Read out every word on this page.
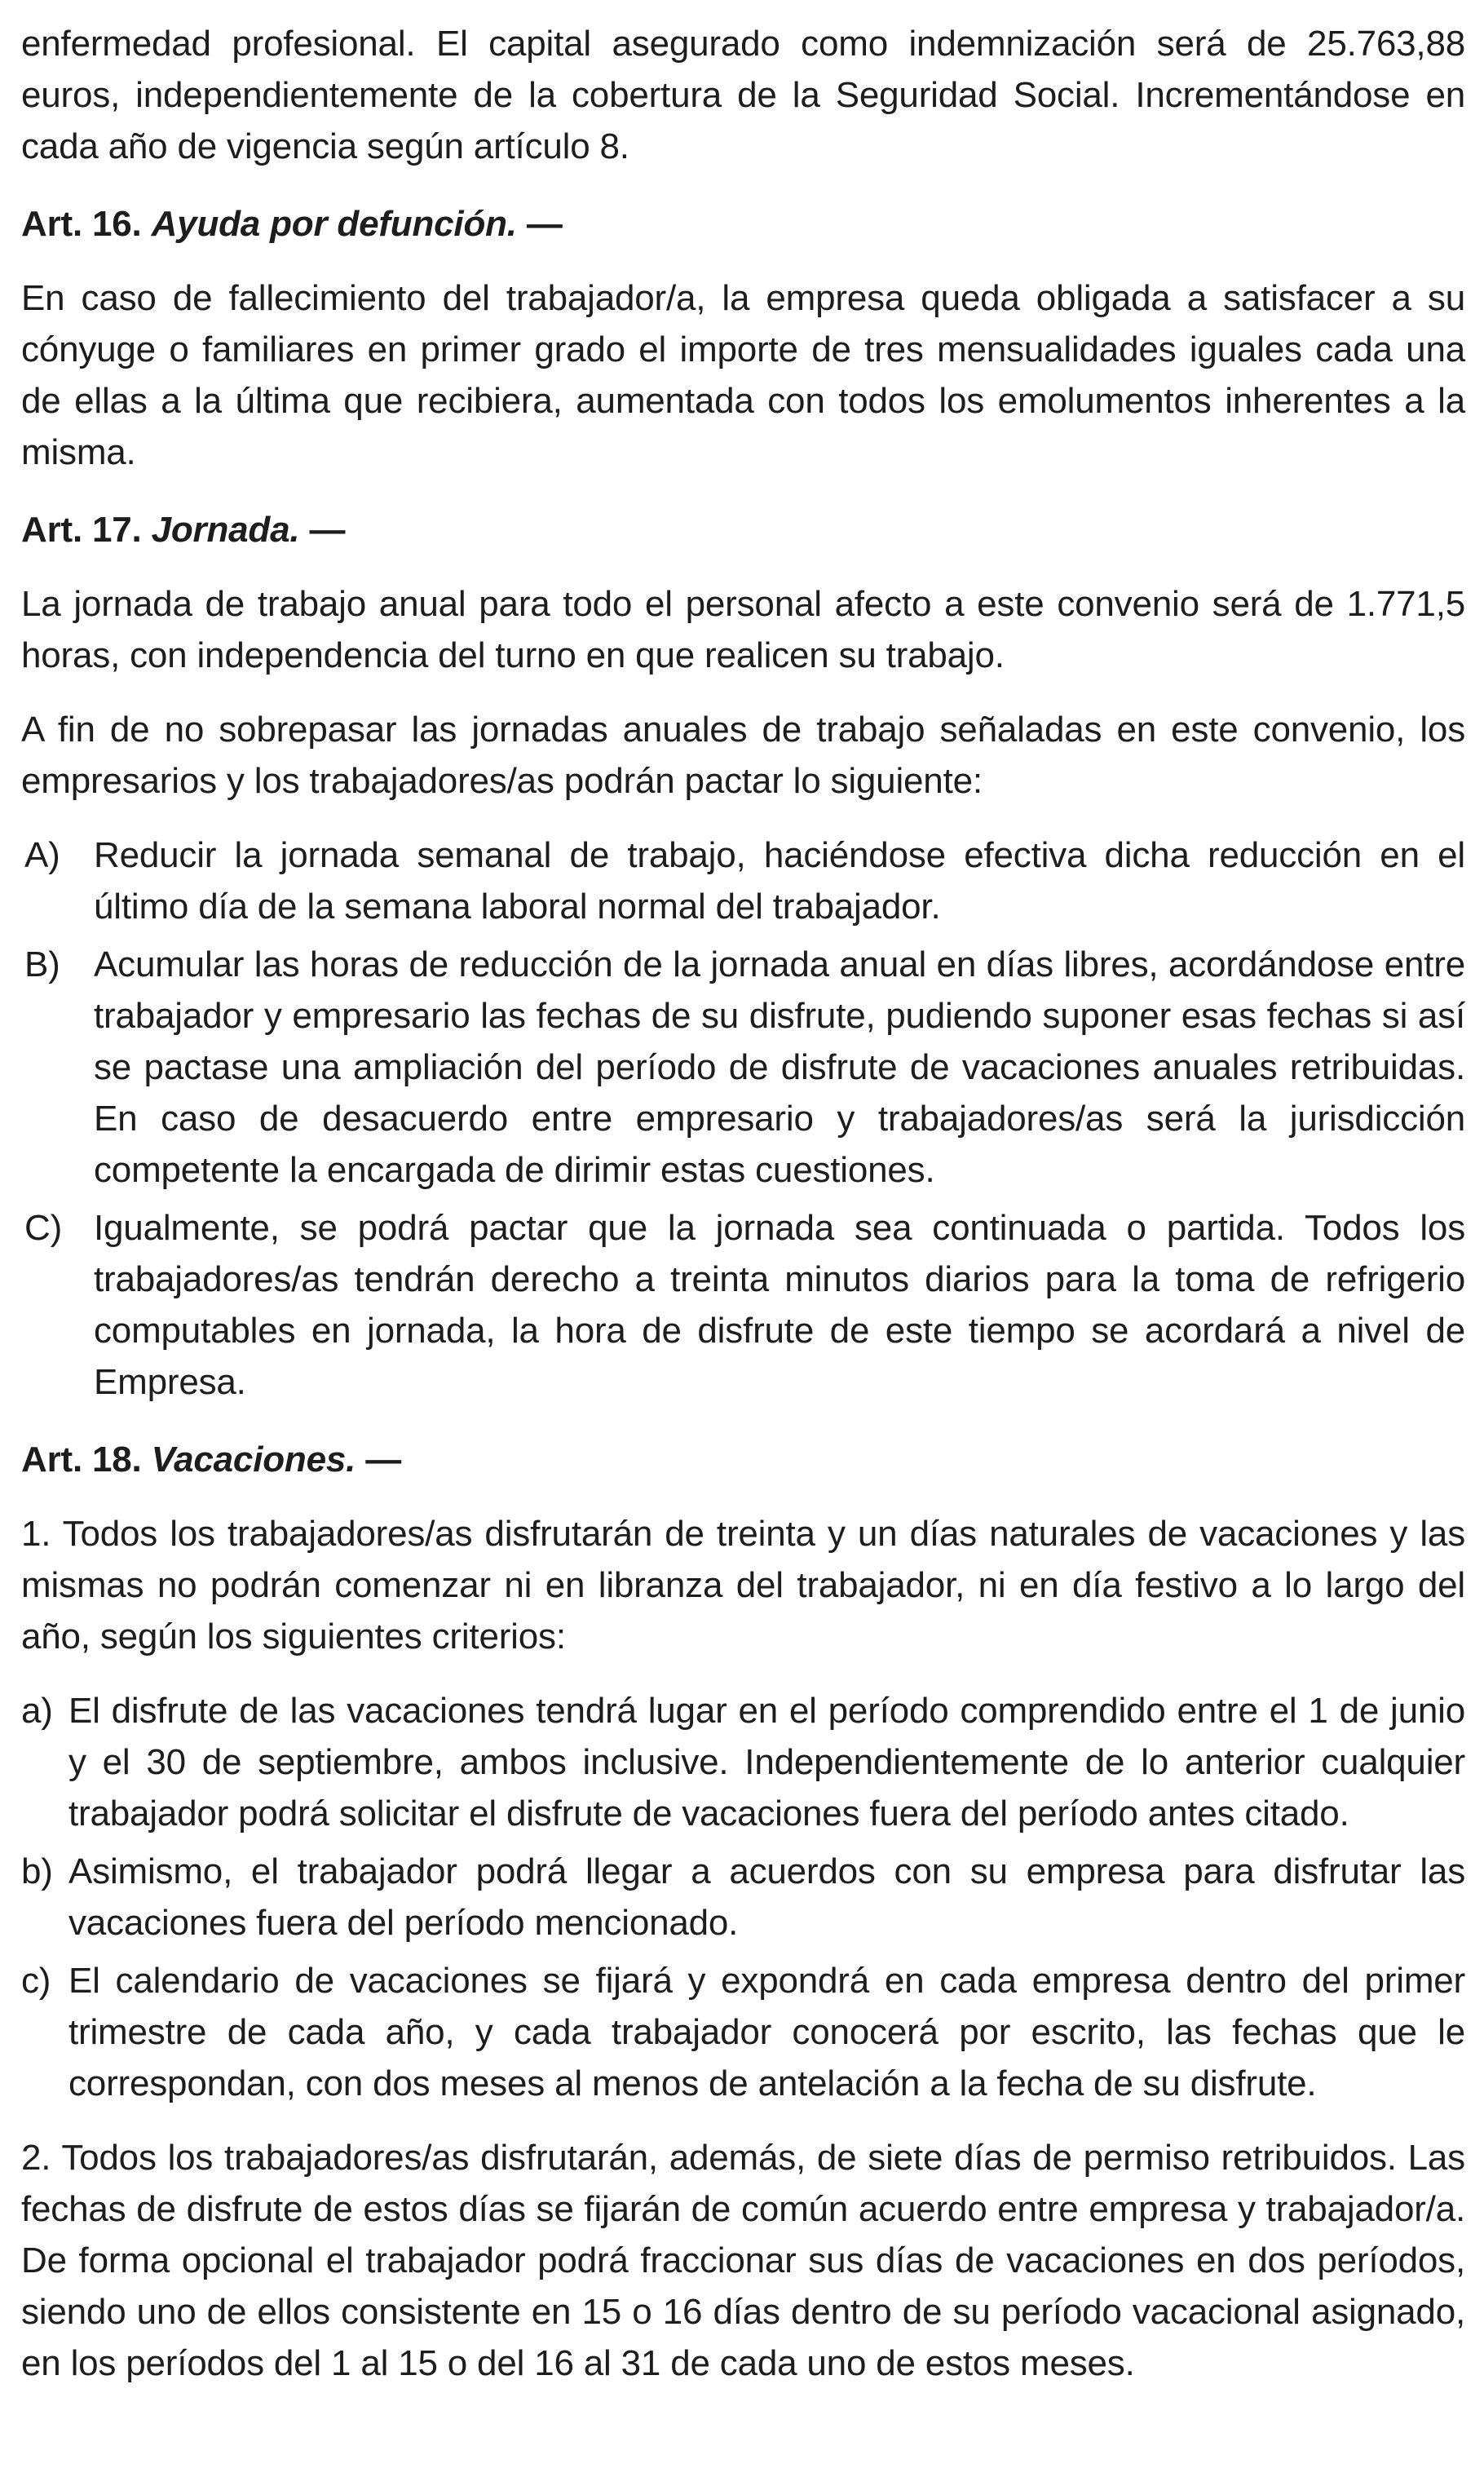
enfermedad profesional. El capital asegurado como indemnización será de 25.763,88 euros, independientemente de la cobertura de la Seguridad Social. Incrementándose en cada año de vigencia según artículo 8.

Art. 16. Ayuda por defunción. —

En caso de fallecimiento del trabajador/a, la empresa queda obligada a satisfacer a su cónyuge o familiares en primer grado el importe de tres mensualidades iguales cada una de ellas a la última que recibiera, aumentada con todos los emolumentos inherentes a la misma.

Art. 17. Jornada. —

La jornada de trabajo anual para todo el personal afecto a este convenio será de 1.771,5 horas, con independencia del turno en que realicen su trabajo.

A fin de no sobrepasar las jornadas anuales de trabajo señaladas en este convenio, los empresarios y los trabajadores/as podrán pactar lo siguiente:

A) Reducir la jornada semanal de trabajo, haciéndose efectiva dicha reducción en el último día de la semana laboral normal del trabajador.
B) Acumular las horas de reducción de la jornada anual en días libres, acordándose entre trabajador y empresario las fechas de su disfrute, pudiendo suponer esas fechas si así se pactase una ampliación del período de disfrute de vacaciones anuales retribuidas. En caso de desacuerdo entre empresario y trabajadores/as será la jurisdicción competente la encargada de dirimir estas cuestiones.
C) Igualmente, se podrá pactar que la jornada sea continuada o partida. Todos los trabajadores/as tendrán derecho a treinta minutos diarios para la toma de refrigerio computables en jornada, la hora de disfrute de este tiempo se acordará a nivel de Empresa.
Art. 18. Vacaciones. —

1. Todos los trabajadores/as disfrutarán de treinta y un días naturales de vacaciones y las mismas no podrán comenzar ni en libranza del trabajador, ni en día festivo a lo largo del año, según los siguientes criterios:

a) El disfrute de las vacaciones tendrá lugar en el período comprendido entre el 1 de junio y el 30 de septiembre, ambos inclusive. Independientemente de lo anterior cualquier trabajador podrá solicitar el disfrute de vacaciones fuera del período antes citado.
b) Asimismo, el trabajador podrá llegar a acuerdos con su empresa para disfrutar las vacaciones fuera del período mencionado.
c) El calendario de vacaciones se fijará y expondrá en cada empresa dentro del primer trimestre de cada año, y cada trabajador conocerá por escrito, las fechas que le correspondan, con dos meses al menos de antelación a la fecha de su disfrute.

2. Todos los trabajadores/as disfrutarán, además, de siete días de permiso retribuidos. Las fechas de disfrute de estos días se fijarán de común acuerdo entre empresa y trabajador/a. De forma opcional el trabajador podrá fraccionar sus días de vacaciones en dos períodos, siendo uno de ellos consistente en 15 o 16 días dentro de su período vacacional asignado, en los períodos del 1 al 15 o del 16 al 31 de cada uno de estos meses.
